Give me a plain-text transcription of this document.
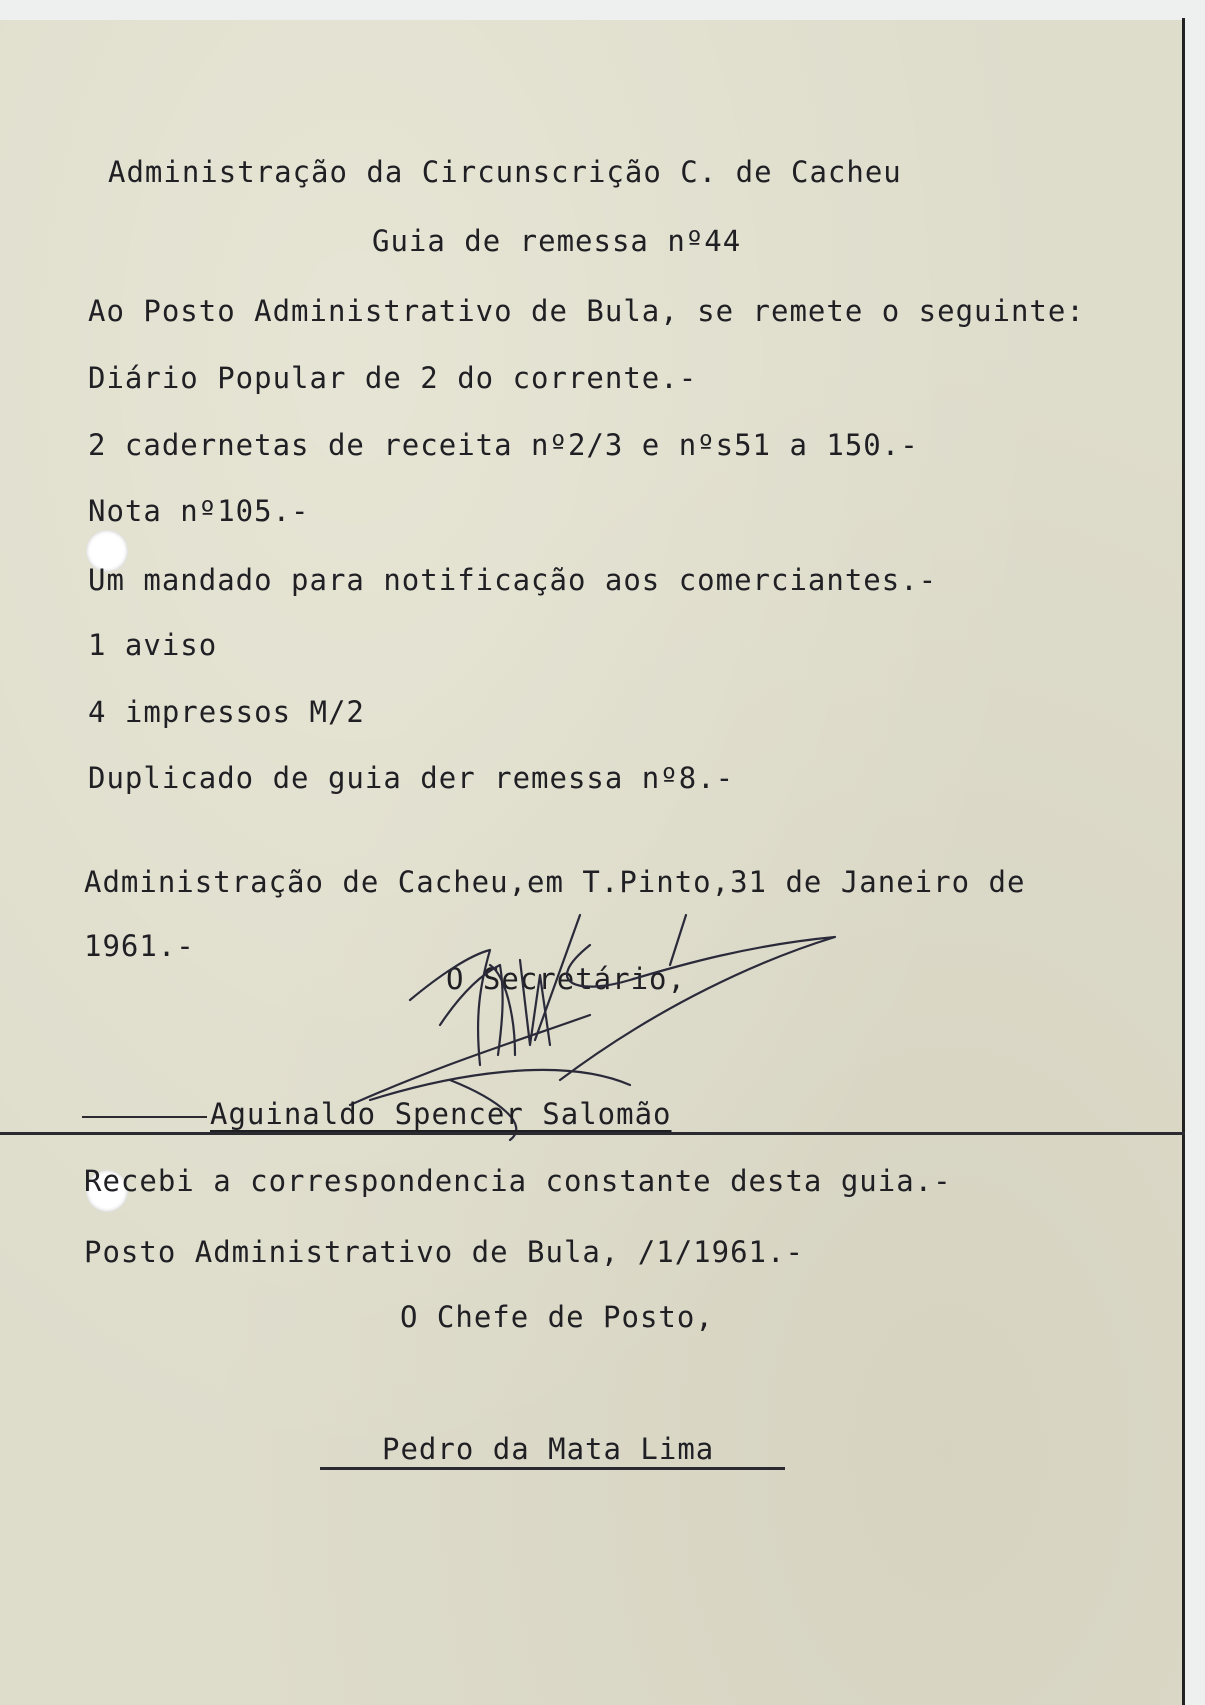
Administração da Circunscrição C. de Cacheu
Guia de remessa nº44
Ao Posto Administrativo de Bula, se remete o seguinte:
Diário Popular de 2 do corrente.-
2 cadernetas de receita nº2/3 e nºs51 a 150.-
Nota nº105.-
Um mandado para notificação aos comerciantes.-
1 aviso
4 impressos M/2
Duplicado de guia der remessa nº8.-
Administração de Cacheu,em T.Pinto,31 de Janeiro de
1961.-
O Secretário,
Aguinaldo Spencer Salomão
Recebi a correspondencia constante desta guia.-
Posto Administrativo de Bula, /1/1961.-
O Chefe de Posto,
Pedro da Mata Lima
